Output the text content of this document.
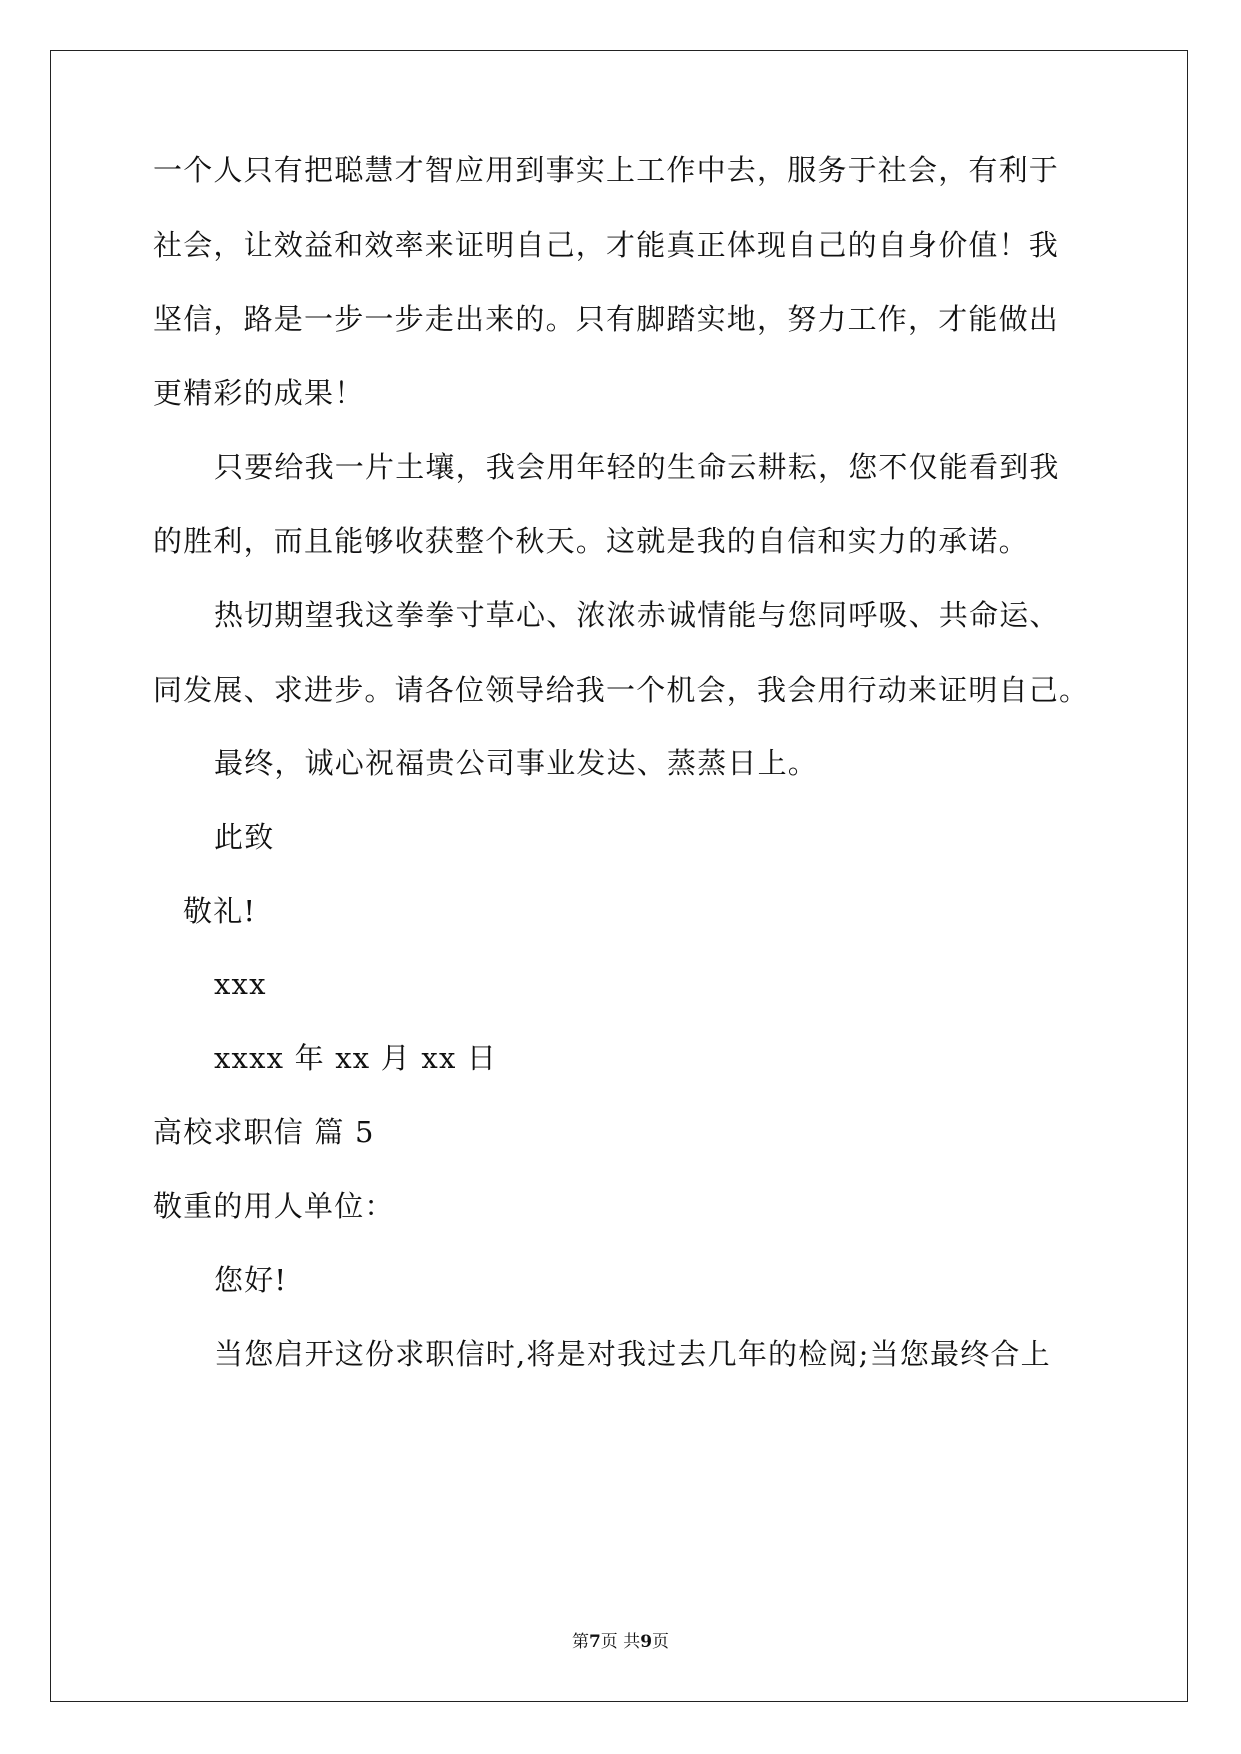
一个人只有把聪慧才智应用到事实上工作中去，服务于社会，有利于
社会，让效益和效率来证明自己，才能真正体现自己的自身价值！我
坚信，路是一步一步走出来的。只有脚踏实地，努力工作，才能做出
更精彩的成果！
只要给我一片土壤，我会用年轻的生命云耕耘，您不仅能看到我
的胜利，而且能够收获整个秋天。这就是我的自信和实力的承诺。
热切期望我这拳拳寸草心、浓浓赤诚情能与您同呼吸、共命运、
同发展、求进步。请各位领导给我一个机会，我会用行动来证明自己。
最终，诚心祝福贵公司事业发达、蒸蒸日上。
此致
敬礼!
xxx
xxxx 年 xx 月 xx 日
高校求职信 篇 5
敬重的用人单位：
您好!
当您启开这份求职信时,将是对我过去几年的检阅;当您最终合上
第7页 共9页
